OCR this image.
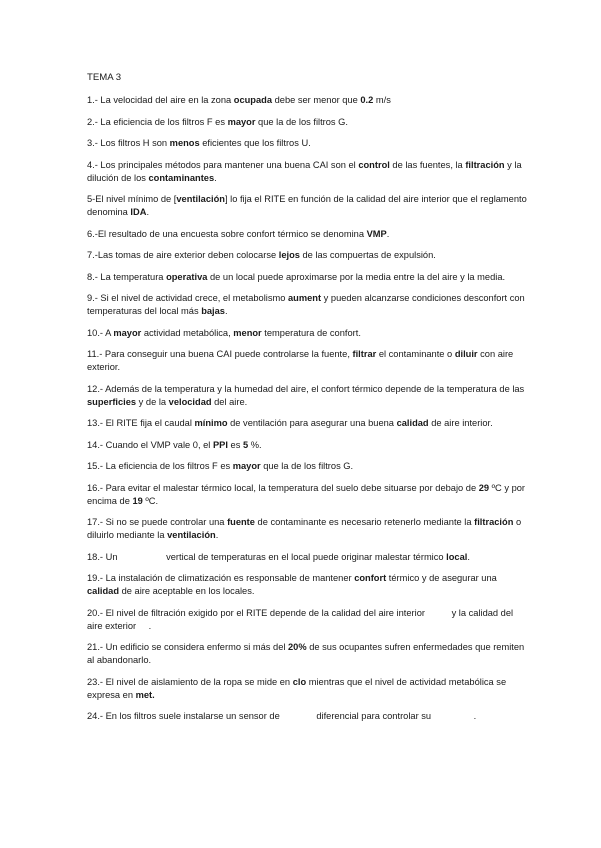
TEMA 3

1.- La velocidad del aire en la zona ocupada debe ser menor que 0.2 m/s

2.- La eficiencia de los filtros F es mayor que la de los filtros G.

3.- Los filtros H son menos eficientes que los filtros U.

4.- Los principales métodos para mantener una buena CAI son el control de las fuentes, la filtración y la dilución de los contaminantes.

5-El nivel mínimo de [ventilación] lo fija el RITE en función de la calidad del aire interior que el reglamento denomina IDA.

6.-El resultado de una encuesta sobre confort térmico se denomina VMP.

7.-Las tomas de aire exterior deben colocarse lejos de las compuertas de expulsión.

8.- La temperatura operativa de un local puede aproximarse por la media entre la del aire y la media.

9.- Si el nivel de actividad crece, el metabolismo aument y pueden alcanzarse condiciones desconfort con temperaturas del local más bajas.

10.- A mayor actividad metabólica, menor temperatura de confort.

11.- Para conseguir una buena CAI puede controlarse la fuente, filtrar el contaminante o diluir con aire exterior.

12.- Además de la temperatura y la humedad del aire, el confort térmico depende de la temperatura de las superficies y de la velocidad del aire.

13.- El RITE fija el caudal mínimo de ventilación para asegurar una buena calidad de aire interior.

14.- Cuando el VMP vale 0, el PPI es 5 %.

15.- La eficiencia de los filtros F es mayor que la de los filtros G.

16.- Para evitar el malestar térmico local, la temperatura del suelo debe situarse por debajo de 29 ºC y por encima de 19 ºC.

17.- Si no se puede controlar una fuente de contaminante es necesario retenerlo mediante la filtración o diluirlo mediante la ventilación.

18.- Un	vertical de temperaturas en el local puede originar malestar térmico local.

19.- La instalación de climatización es responsable de mantener confort térmico y de asegurar una calidad de aire aceptable en los locales.

20.- El nivel de filtración exigido por el RITE depende de la calidad del aire interior	y la calidad del aire exterior .

21.- Un edificio se considera enfermo si más del 20% de sus ocupantes sufren enfermedades que remiten al abandonarlo.

23.- El nivel de aislamiento de la ropa se mide en clo mientras que el nivel de actividad metabólica se expresa en met.

24.- En los filtros suele instalarse un sensor de	diferencial para controlar su	.
